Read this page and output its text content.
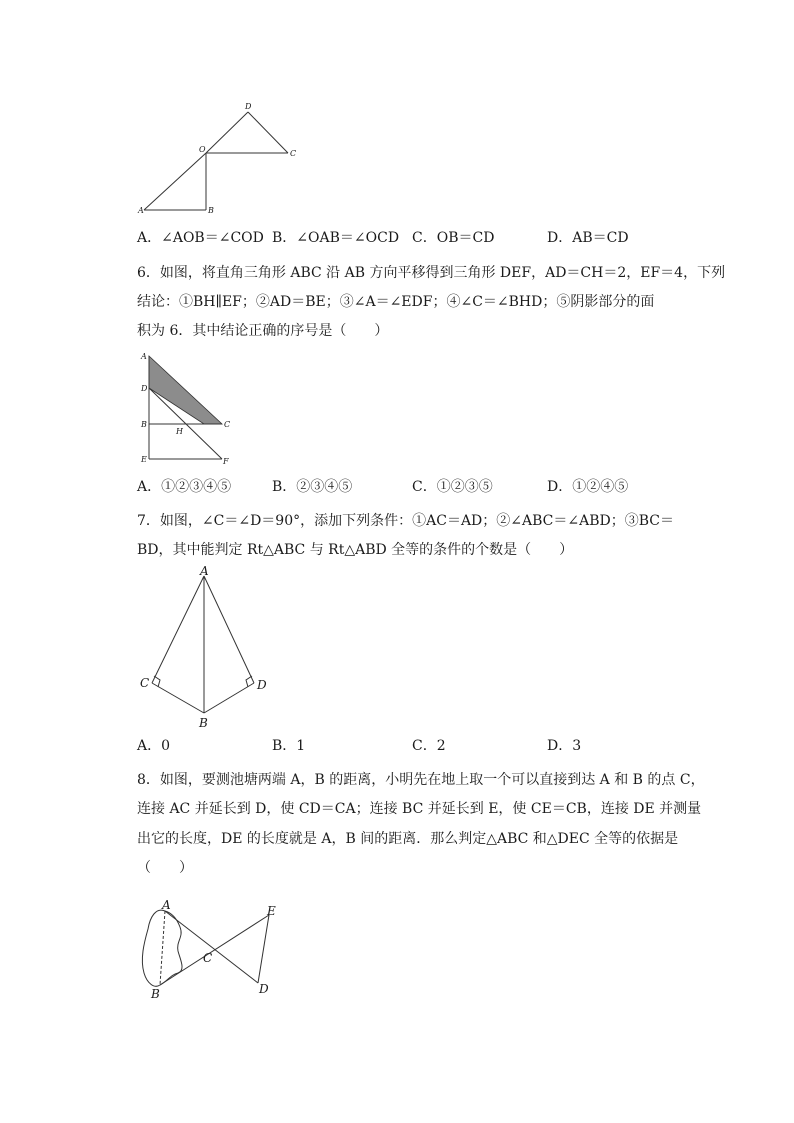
D
O	C
A	B
A．∠AOB＝∠COD B．∠OAB＝∠OCD C．OB＝CD	D．AB＝CD
6．如图，将直角三角形 ABC 沿 AB 方向平移得到三角形 DEF，AD＝CH＝2，EF＝4，下列
结论：①BH∥EF；②AD＝BE；③∠A＝∠EDF；④∠C＝∠BHD；⑤阴影部分的面
积为 6．其中结论正确的序号是（　　）
A
D
B
H
C
E	F
A．①②③④⑤	B．②③④⑤	C．①②③⑤	D．①②④⑤
7．如图，∠C＝∠D＝90°，添加下列条件：①AC＝AD；②∠ABC＝∠ABD；③BC＝
BD，其中能判定 Rt△ABC 与 Rt△ABD 全等的条件的个数是（　　）
A
C	D
B
A．0	B．1	C．2	D．3
8．如图，要测池塘两端 A，B 的距离，小明先在地上取一个可以直接到达 A 和 B 的点 C，
连接 AC 并延长到 D，使 CD＝CA；连接 BC 并延长到 E，使 CE＝CB，连接 DE 并测量
出它的长度，DE 的长度就是 A，B 间的距离．那么判定△ABC 和△DEC 全等的依据是
（　　）
A	E
C
B	D
